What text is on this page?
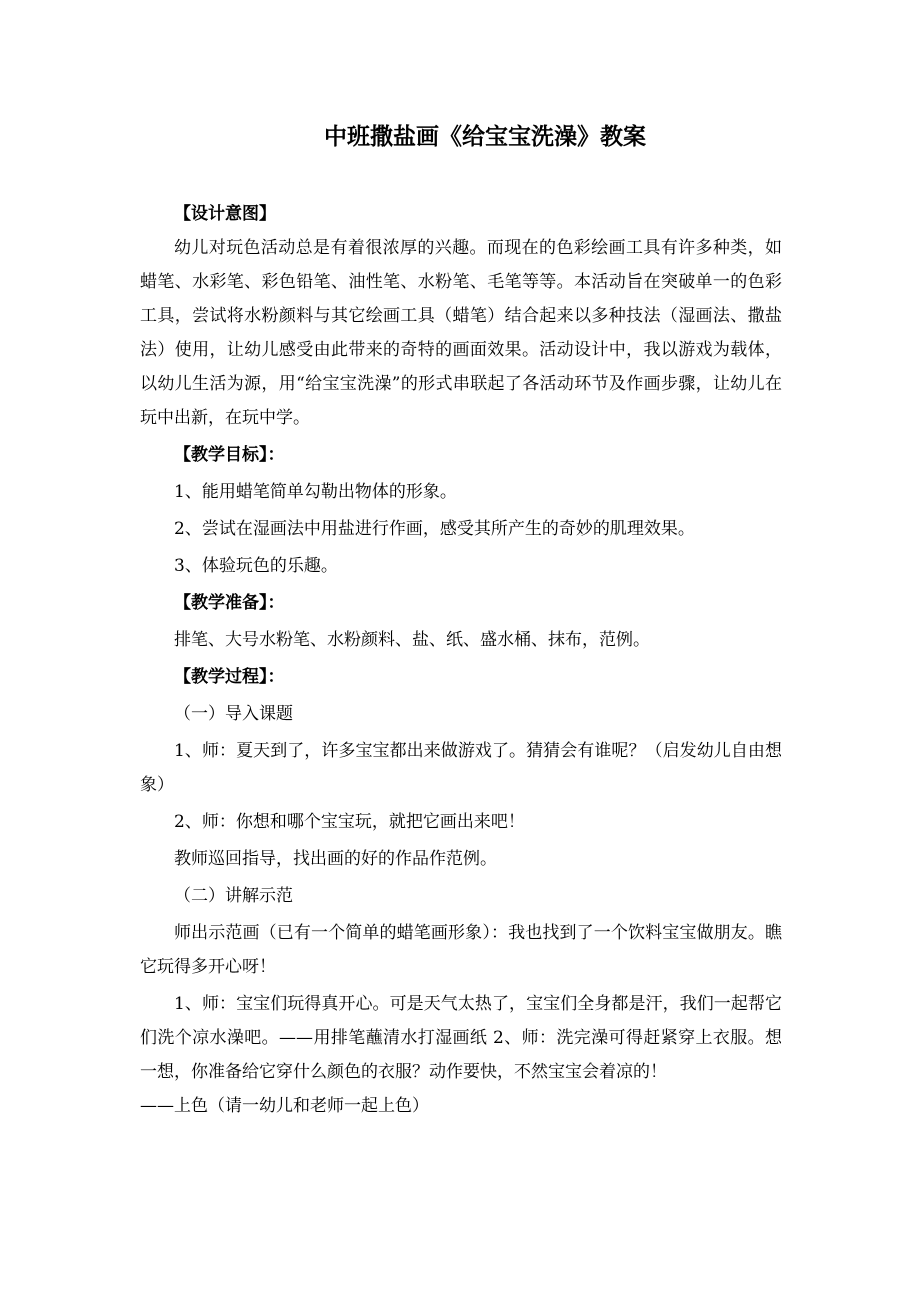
中班撒盐画《给宝宝洗澡》教案

【设计意图】

幼儿对玩色活动总是有着很浓厚的兴趣。而现在的色彩绘画工具有许多种类，如蜡笔、水彩笔、彩色铅笔、油性笔、水粉笔、毛笔等等。本活动旨在突破单一的色彩工具，尝试将水粉颜料与其它绘画工具（蜡笔）结合起来以多种技法（湿画法、撒盐法）使用，让幼儿感受由此带来的奇特的画面效果。活动设计中，我以游戏为载体，以幼儿生活为源，用“给宝宝洗澡”的形式串联起了各活动环节及作画步骤，让幼儿在玩中出新，在玩中学。

【教学目标】：

1、能用蜡笔简单勾勒出物体的形象。

2、尝试在湿画法中用盐进行作画，感受其所产生的奇妙的肌理效果。

3、体验玩色的乐趣。

【教学准备】：

排笔、大号水粉笔、水粉颜料、盐、纸、盛水桶、抹布，范例。

【教学过程】：

（一）导入课题

1、师：夏天到了，许多宝宝都出来做游戏了。猜猜会有谁呢？（启发幼儿自由想象）

2、师：你想和哪个宝宝玩，就把它画出来吧！

教师巡回指导，找出画的好的作品作范例。

（二）讲解示范

师出示范画（已有一个简单的蜡笔画形象）：我也找到了一个饮料宝宝做朋友。瞧它玩得多开心呀！

1、师：宝宝们玩得真开心。可是天气太热了，宝宝们全身都是汗，我们一起帮它们洗个凉水澡吧。——用排笔蘸清水打湿画纸 2、师：洗完澡可得赶紧穿上衣服。想一想，你准备给它穿什么颜色的衣服？动作要快，不然宝宝会着凉的！

——上色（请一幼儿和老师一起上色）
